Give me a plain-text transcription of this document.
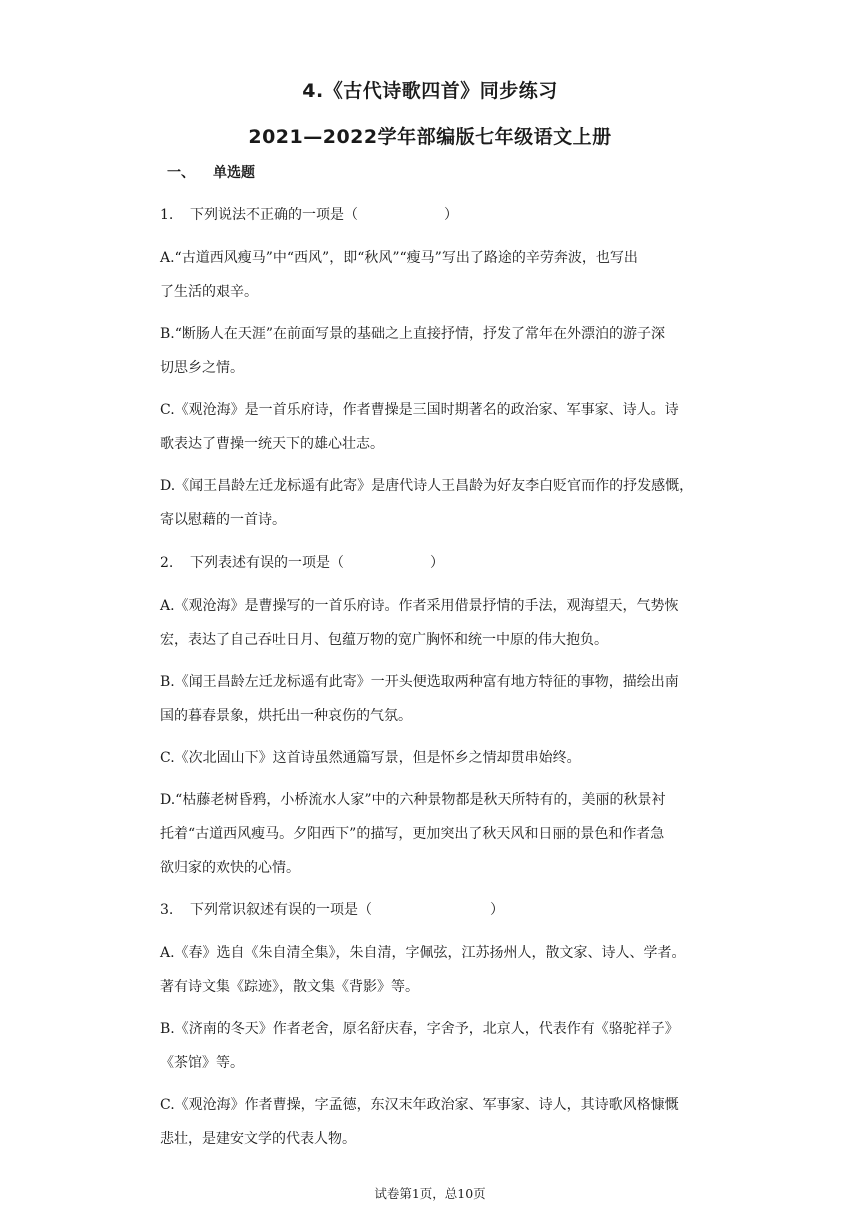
4.《古代诗歌四首》同步练习
2021—2022学年部编版七年级语文上册
一、 单选题
1. 下列说法不正确的一项是（	）
A.“古道西风瘦马”中“西风”，即“秋风”“瘦马”写出了路途的辛劳奔波，也写出
了生活的艰辛。
B.“断肠人在天涯”在前面写景的基础之上直接抒情，抒发了常年在外漂泊的游子深
切思乡之情。
C.《观沧海》是一首乐府诗，作者曹操是三国时期著名的政治家、军事家、诗人。诗
歌表达了曹操一统天下的雄心壮志。
D.《闻王昌龄左迁龙标遥有此寄》是唐代诗人王昌龄为好友李白贬官而作的抒发感慨，
寄以慰藉的一首诗。
2. 下列表述有误的一项是（	）
A.《观沧海》是曹操写的一首乐府诗。作者采用借景抒情的手法，观海望天，气势恢
宏，表达了自己吞吐日月、包蕴万物的宽广胸怀和统一中原的伟大抱负。
B.《闻王昌龄左迁龙标遥有此寄》一开头便选取两种富有地方特征的事物，描绘出南
国的暮春景象，烘托出一种哀伤的气氛。
C.《次北固山下》这首诗虽然通篇写景，但是怀乡之情却贯串始终。
D.“枯藤老树昏鸦，小桥流水人家”中的六种景物都是秋天所特有的，美丽的秋景衬
托着“古道西风瘦马。夕阳西下”的描写，更加突出了秋天风和日丽的景色和作者急
欲归家的欢快的心情。
3. 下列常识叙述有误的一项是（	）
A.《春》选自《朱自清全集》，朱自清，字佩弦，江苏扬州人，散文家、诗人、学者。
著有诗文集《踪迹》，散文集《背影》等。
B.《济南的冬天》作者老舍，原名舒庆春，字舍予，北京人，代表作有《骆驼祥子》
《茶馆》等。
C.《观沧海》作者曹操，字孟德，东汉末年政治家、军事家、诗人，其诗歌风格慷慨
悲壮，是建安文学的代表人物。
试卷第1页，总10页
